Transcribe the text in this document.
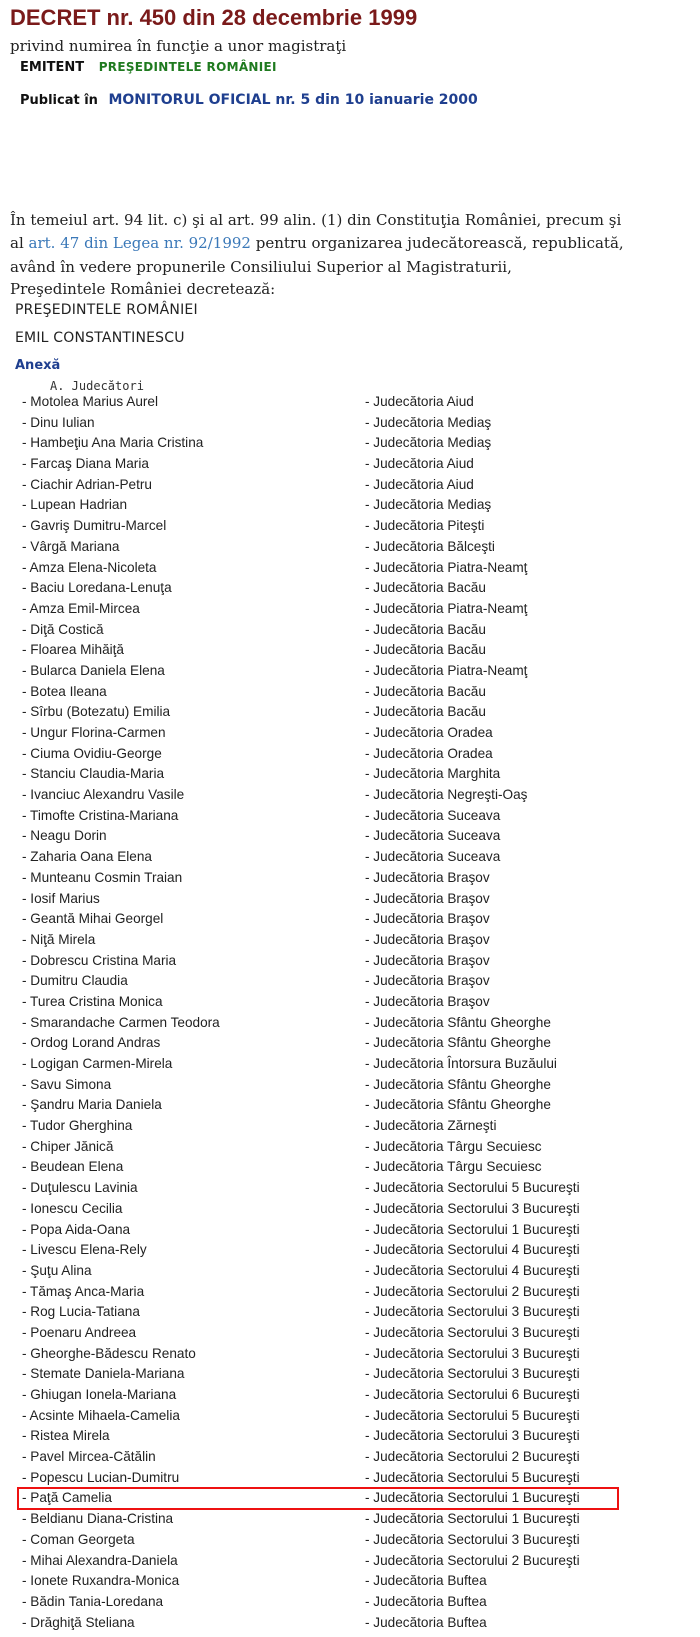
DECRET nr. 450 din 28 decembrie 1999
privind numirea în funcţie a unor magistraţi
EMITENT PREŞEDINTELE ROMÂNIEI
Publicat în MONITORUL OFICIAL nr. 5 din 10 ianuarie 2000
În temeiul art. 94 lit. c) şi al art. 99 alin. (1) din Constituţia României, precum şi
al art. 47 din Legea nr. 92/1992 pentru organizarea judecătorească, republicată,
având în vedere propunerile Consiliului Superior al Magistraturii,
Preşedintele României decretează:
PREŞEDINTELE ROMÂNIEI
EMIL CONSTANTINESCU
Anexă
A. Judecători
- Motolea Marius Aurel	- Judecătoria Aiud
- Dinu Iulian	- Judecătoria Mediaş
- Hambeţiu Ana Maria Cristina	- Judecătoria Mediaş
- Farcaş Diana Maria	- Judecătoria Aiud
- Ciachir Adrian-Petru	- Judecătoria Aiud
- Lupean Hadrian	- Judecătoria Mediaş
- Gavriş Dumitru-Marcel	- Judecătoria Piteşti
- Vârgă Mariana	- Judecătoria Bălceşti
- Amza Elena-Nicoleta	- Judecătoria Piatra-Neamţ
- Baciu Loredana-Lenuţa	- Judecătoria Bacău
- Amza Emil-Mircea	- Judecătoria Piatra-Neamţ
- Diţă Costică	- Judecătoria Bacău
- Floarea Mihăiţă	- Judecătoria Bacău
- Bularca Daniela Elena	- Judecătoria Piatra-Neamţ
- Botea Ileana	- Judecătoria Bacău
- Sîrbu (Botezatu) Emilia	- Judecătoria Bacău
- Ungur Florina-Carmen	- Judecătoria Oradea
- Ciuma Ovidiu-George	- Judecătoria Oradea
- Stanciu Claudia-Maria	- Judecătoria Marghita
- Ivanciuc Alexandru Vasile	- Judecătoria Negreşti-Oaş
- Timofte Cristina-Mariana	- Judecătoria Suceava
- Neagu Dorin	- Judecătoria Suceava
- Zaharia Oana Elena	- Judecătoria Suceava
- Munteanu Cosmin Traian	- Judecătoria Braşov
- Iosif Marius	- Judecătoria Braşov
- Geantă Mihai Georgel	- Judecătoria Braşov
- Niţă Mirela	- Judecătoria Braşov
- Dobrescu Cristina Maria	- Judecătoria Braşov
- Dumitru Claudia	- Judecătoria Braşov
- Turea Cristina Monica	- Judecătoria Braşov
- Smarandache Carmen Teodora	- Judecătoria Sfântu Gheorghe
- Ordog Lorand Andras	- Judecătoria Sfântu Gheorghe
- Logigan Carmen-Mirela	- Judecătoria Întorsura Buzăului
- Savu Simona	- Judecătoria Sfântu Gheorghe
- Şandru Maria Daniela	- Judecătoria Sfântu Gheorghe
- Tudor Gherghina	- Judecătoria Zărneşti
- Chiper Jănică	- Judecătoria Târgu Secuiesc
- Beudean Elena	- Judecătoria Târgu Secuiesc
- Duţulescu Lavinia	- Judecătoria Sectorului 5 Bucureşti
- Ionescu Cecilia	- Judecătoria Sectorului 3 Bucureşti
- Popa Aida-Oana	- Judecătoria Sectorului 1 Bucureşti
- Livescu Elena-Rely	- Judecătoria Sectorului 4 Bucureşti
- Şuţu Alina	- Judecătoria Sectorului 4 Bucureşti
- Tămaş Anca-Maria	- Judecătoria Sectorului 2 Bucureşti
- Rog Lucia-Tatiana	- Judecătoria Sectorului 3 Bucureşti
- Poenaru Andreea	- Judecătoria Sectorului 3 Bucureşti
- Gheorghe-Bădescu Renato	- Judecătoria Sectorului 3 Bucureşti
- Stemate Daniela-Mariana	- Judecătoria Sectorului 3 Bucureşti
- Ghiugan Ionela-Mariana	- Judecătoria Sectorului 6 Bucureşti
- Acsinte Mihaela-Camelia	- Judecătoria Sectorului 5 Bucureşti
- Ristea Mirela	- Judecătoria Sectorului 3 Bucureşti
- Pavel Mircea-Cătălin	- Judecătoria Sectorului 2 Bucureşti
- Popescu Lucian-Dumitru	- Judecătoria Sectorului 5 Bucureşti
- Paţă Camelia	- Judecătoria Sectorului 1 Bucureşti
- Beldianu Diana-Cristina	- Judecătoria Sectorului 1 Bucureşti
- Coman Georgeta	- Judecătoria Sectorului 3 Bucureşti
- Mihai Alexandra-Daniela	- Judecătoria Sectorului 2 Bucureşti
- Ionete Ruxandra-Monica	- Judecătoria Buftea
- Bădin Tania-Loredana	- Judecătoria Buftea
- Drăghiţă Steliana	- Judecătoria Buftea
